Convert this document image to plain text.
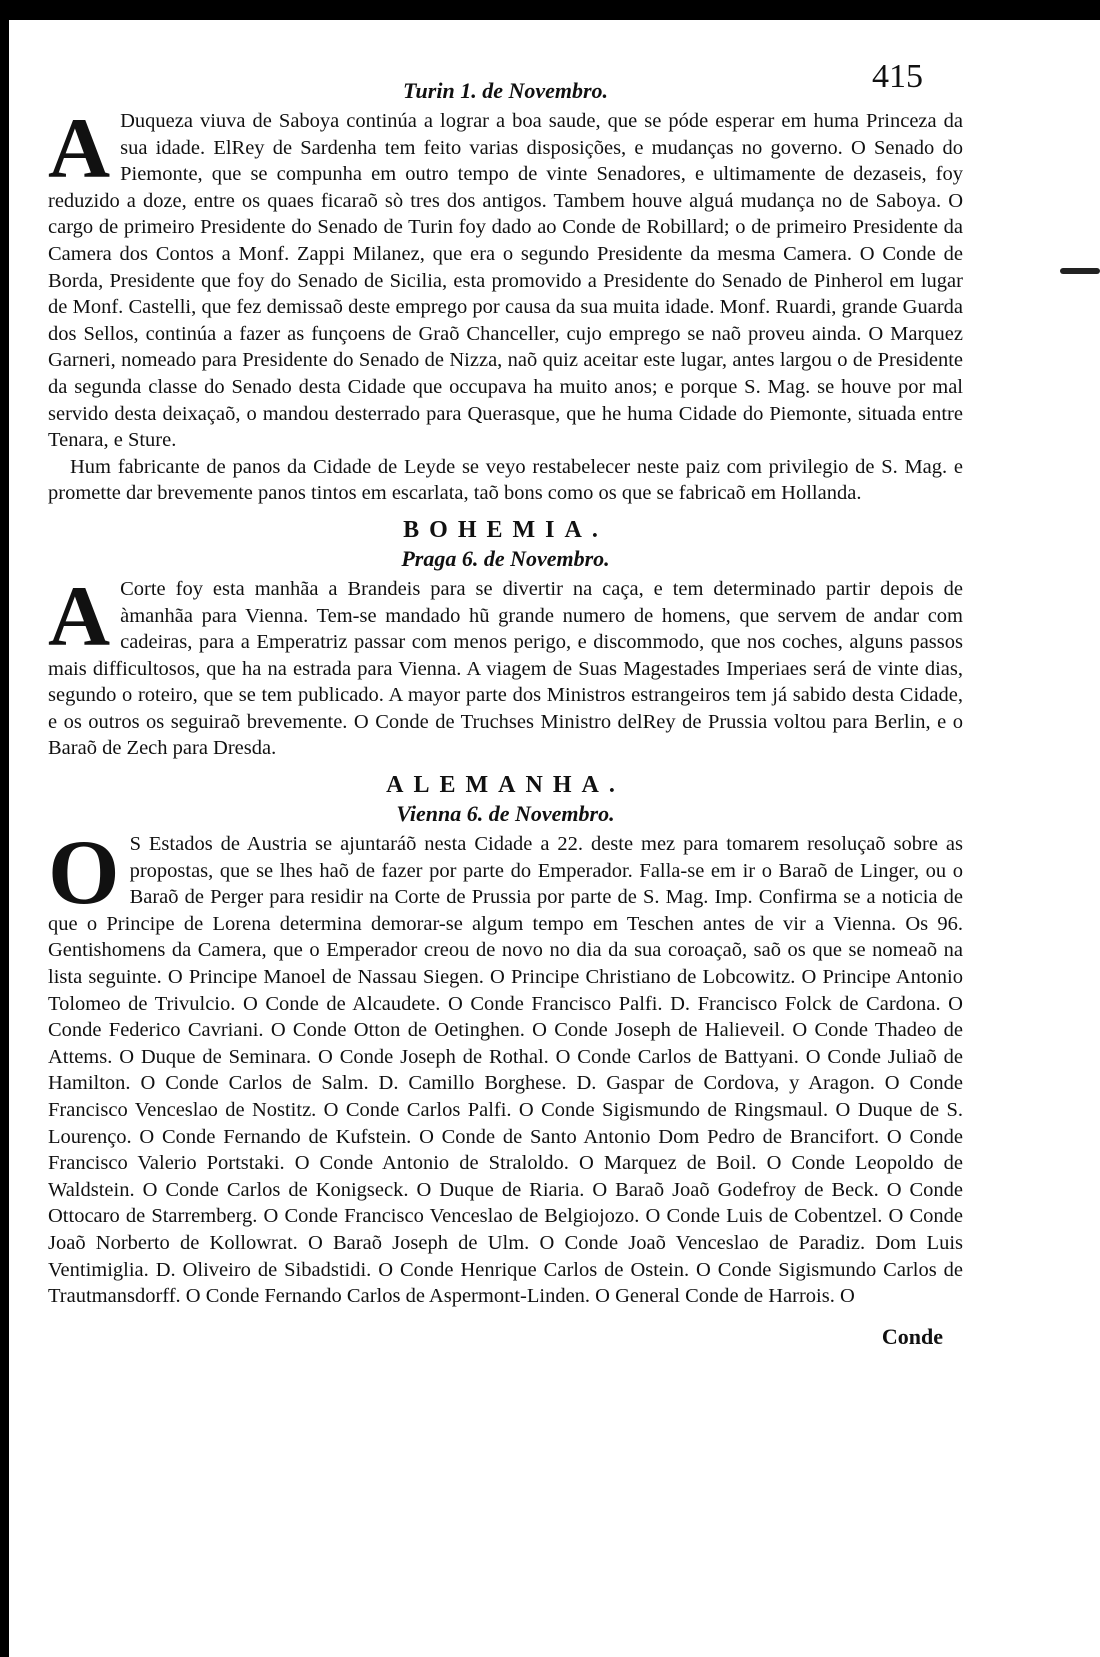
415
Turin 1. de Novembro.
A Duqueza viuva de Saboya continúa a lograr a boa saude, que se póde esperar em huma Princeza da sua idade. ElRey de Sardenha tem feito varias disposições, e mudanças no governo. O Senado do Piemonte, que se compunha em outro tempo de vinte Senadores, e ultimamente de dezaseis, foy reduzido a doze, entre os quaes ficaraõ sò tres dos antigos. Tambem houve alguá mudança no de Saboya. O cargo de primeiro Presidente do Senado de Turin foy dado ao Conde de Robillard; o de primeiro Presidente da Camera dos Contos a Monf. Zappi Milanez, que era o segundo Presidente da mesma Camera. O Conde de Borda, Presidente que foy do Senado de Sicilia, esta promovido a Presidente do Senado de Pinherol em lugar de Monf. Castelli, que fez demissaõ deste emprego por causa da sua muita idade. Monf. Ruardi, grande Guarda dos Sellos, continúa a fazer as funçoens de Graõ Chanceller, cujo emprego se naõ proveu ainda. O Marquez Garneri, nomeado para Presidente do Senado de Nizza, naõ quiz aceitar este lugar, antes largou o de Presidente da segunda classe do Senado desta Cidade que occupava ha muito anos; e porque S. Mag. se houve por mal servido desta deixaçaõ, o mandou desterrado para Querasque, que he huma Cidade do Piemonte, situada entre Tenara, e Sture.

Hum fabricante de panos da Cidade de Leyde se veyo restabelecer neste paiz com privilegio de S. Mag. e promette dar brevemente panos tintos em escarlata, taõ bons como os que se fabricaõ em Hollanda.

BOHEMIA.
Praga 6. de Novembro.
A Corte foy esta manhãa a Brandeis para se divertir na caça, e tem determinado partir depois de àmanhãa para Vienna. Tem-se mandado hũ grande numero de homens, que servem de andar com cadeiras, para a Emperatriz passar com menos perigo, e discommodo, que nos coches, alguns passos mais difficultosos, que ha na estrada para Vienna. A viagem de Suas Magestades Imperiaes será de vinte dias, segundo o roteiro, que se tem publicado. A mayor parte dos Ministros estrangeiros tem já sabido desta Cidade, e os outros os seguiraõ brevemente. O Conde de Truchses Ministro delRey de Prussia voltou para Berlin, e o Baraõ de Zech para Dresda.

ALEMANHA.
Vienna 6. de Novembro.
O S Estados de Austria se ajuntaráõ nesta Cidade a 22. deste mez para tomarem resoluçaõ sobre as propostas, que se lhes haõ de fazer por parte do Emperador. Falla-se em ir o Baraõ de Linger, ou o Baraõ de Perger para residir na Corte de Prussia por parte de S. Mag. Imp. Confirma se a noticia de que o Principe de Lorena determina demorar-se algum tempo em Teschen antes de vir a Vienna. Os 96. Gentishomens da Camera, que o Emperador creou de novo no dia da sua coroaçaõ, saõ os que se nomeaõ na lista seguinte. O Principe Manoel de Nassau Siegen. O Principe Christiano de Lobcowitz. O Principe Antonio Tolomeo de Trivulcio. O Conde de Alcaudete. O Conde Francisco Palfi. D. Francisco Folck de Cardona. O Conde Federico Cavriani. O Conde Otton de Oetinghen. O Conde Joseph de Halieveil. O Conde Thadeo de Attems. O Duque de Seminara. O Conde Joseph de Rothal. O Conde Carlos de Battyani. O Conde Juliaõ de Hamilton. O Conde Carlos de Salm. D. Camillo Borghese. D. Gaspar de Cordova, y Aragon. O Conde Francisco Venceslao de Nostitz. O Conde Carlos Palfi. O Conde Sigismundo de Ringsmaul. O Duque de S. Lourenço. O Conde Fernando de Kufstein. O Conde de Santo Antonio Dom Pedro de Brancifort. O Conde Francisco Valerio Portstaki. O Conde Antonio de Straloldo. O Marquez de Boil. O Conde Leopoldo de Waldstein. O Conde Carlos de Konigseck. O Duque de Riaria. O Baraõ Joaõ Godefroy de Beck. O Conde Ottocaro de Starremberg. O Conde Francisco Venceslao de Belgiojozo. O Conde Luis de Cobentzel. O Conde Joaõ Norberto de Kollowrat. O Baraõ Joseph de Ulm. O Conde Joaõ Venceslao de Paradiz. Dom Luis Ventimiglia. D. Oliveiro de Sibadstidi. O Conde Henrique Carlos de Ostein. O Conde Sigismundo Carlos de Trautmansdorff. O Conde Fernando Carlos de Aspermont-Linden. O General Conde de Harrois. O

Conde
